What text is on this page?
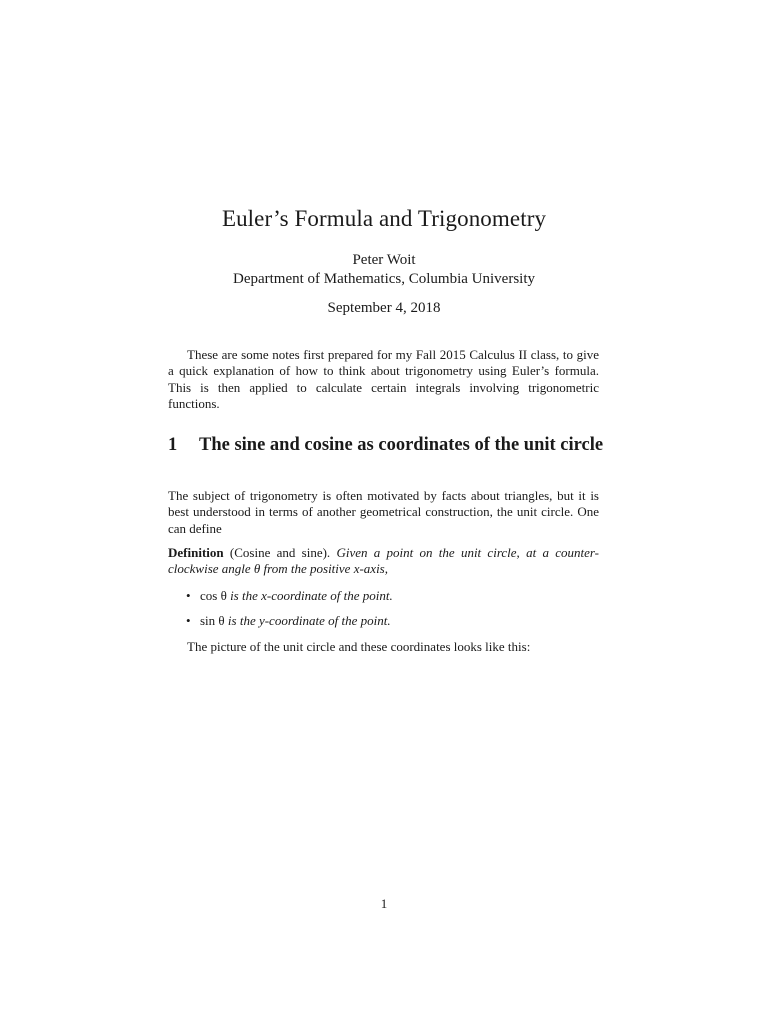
Euler’s Formula and Trigonometry
Peter Woit
Department of Mathematics, Columbia University
September 4, 2018
These are some notes first prepared for my Fall 2015 Calculus II class, to give a quick explanation of how to think about trigonometry using Euler’s formula. This is then applied to calculate certain integrals involving trigonometric functions.
1 The sine and cosine as coordinates of the unit circle
The subject of trigonometry is often motivated by facts about triangles, but it is best understood in terms of another geometrical construction, the unit circle. One can define
Definition (Cosine and sine). Given a point on the unit circle, at a counter-clockwise angle θ from the positive x-axis,
• cos θ is the x-coordinate of the point.
• sin θ is the y-coordinate of the point.
The picture of the unit circle and these coordinates looks like this:
1
